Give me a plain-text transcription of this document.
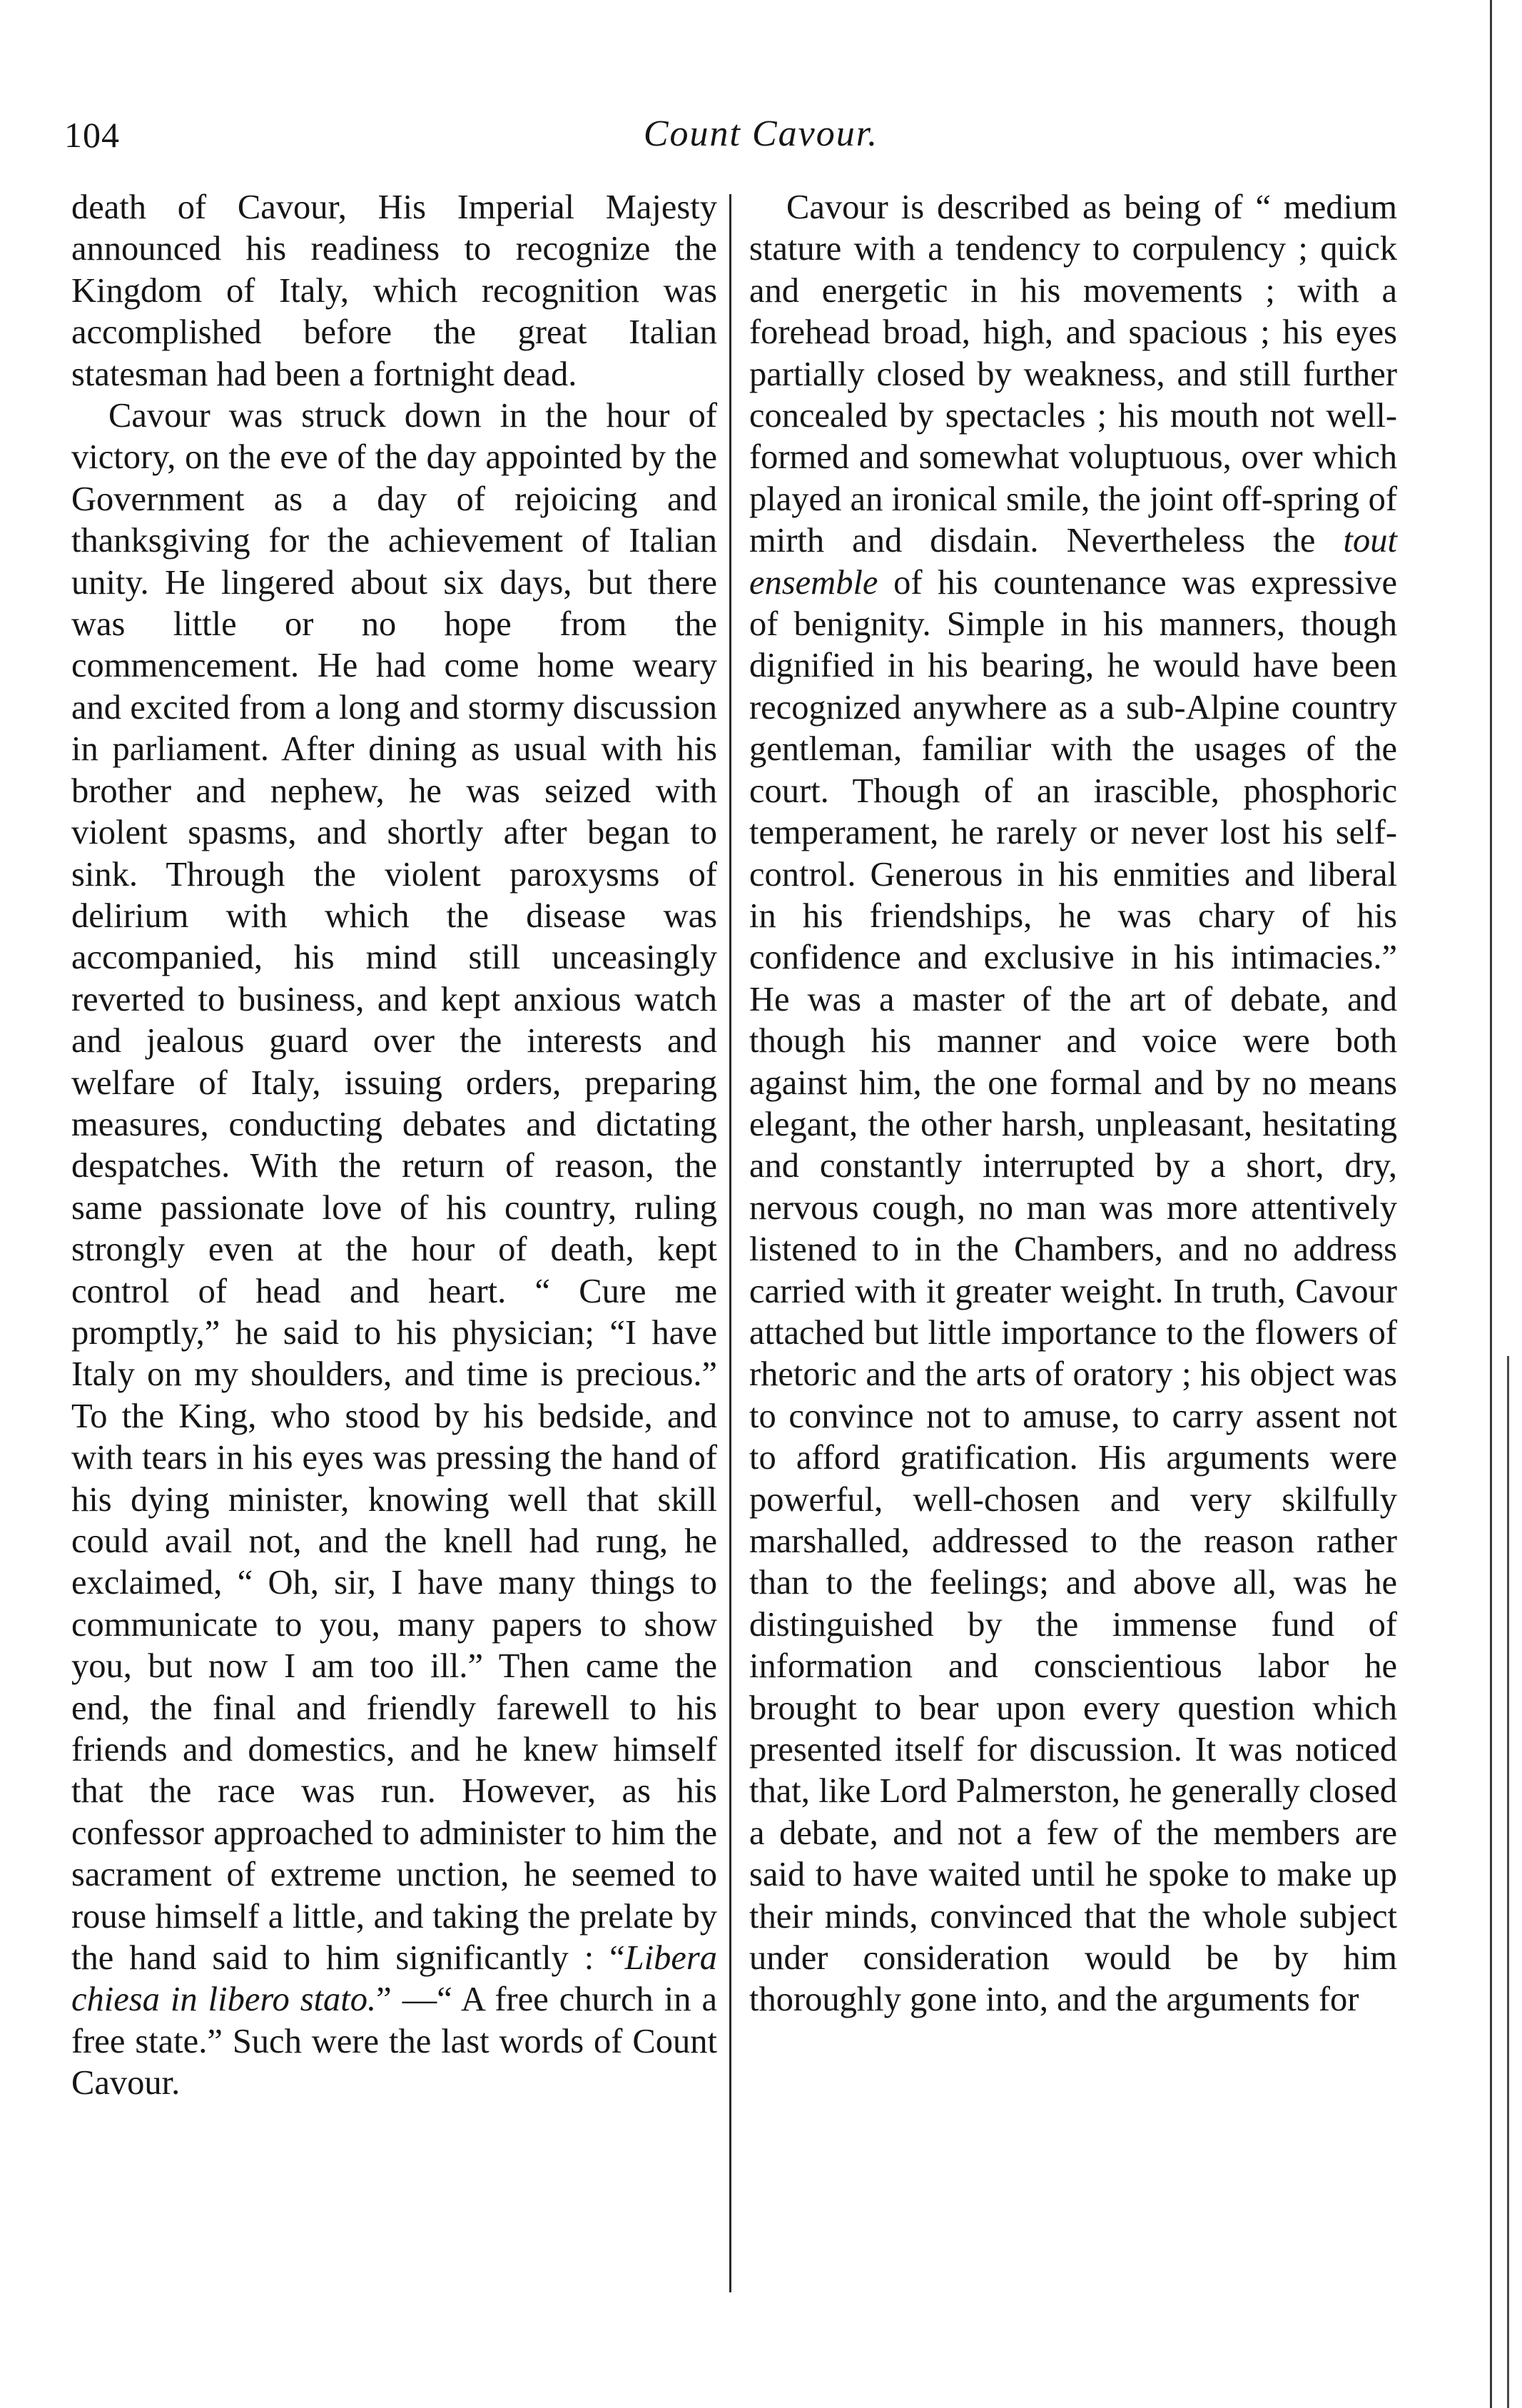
104	Count Cavour.

death of Cavour, His Imperial Majesty announced his readiness to recognize the Kingdom of Italy, which recognition was accomplished before the great Italian statesman had been a fortnight dead.

Cavour was struck down in the hour of victory, on the eve of the day appointed by the Government as a day of rejoicing and thanksgiving for the achievement of Italian unity. He lingered about six days, but there was little or no hope from the commencement. He had come home weary and excited from a long and stormy discussion in parliament. After dining as usual with his brother and nephew, he was seized with violent spasms, and shortly after began to sink. Through the violent paroxysms of delirium with which the disease was accompanied, his mind still unceasingly reverted to business, and kept anxious watch and jealous guard over the interests and welfare of Italy, issuing orders, preparing measures, conducting debates and dictating despatches. With the return of reason, the same passionate love of his country, ruling strongly even at the hour of death, kept control of head and heart. “ Cure me promptly,” he said to his physician; “I have Italy on my shoulders, and time is precious.” To the King, who stood by his bedside, and with tears in his eyes was pressing the hand of his dying minister, knowing well that skill could avail not, and the knell had rung, he exclaimed, “ Oh, sir, I have many things to communicate to you, many papers to show you, but now I am too ill.” Then came the end, the final and friendly farewell to his friends and domestics, and he knew himself that the race was run. However, as his confessor approached to administer to him the sacrament of extreme unction, he seemed to rouse himself a little, and taking the prelate by the hand said to him significantly : “Libera chiesa in libero stato.” —“ A free church in a free state.” Such were the last words of Count Cavour.

Cavour is described as being of “ medium stature with a tendency to corpulency ; quick and energetic in his movements ; with a forehead broad, high, and spacious ; his eyes partially closed by weakness, and still further concealed by spectacles ; his mouth not well-formed and somewhat voluptuous, over which played an ironical smile, the joint off-spring of mirth and disdain. Nevertheless the tout ensemble of his countenance was expressive of benignity. Simple in his manners, though dignified in his bearing, he would have been recognized anywhere as a sub-Alpine country gentleman, familiar with the usages of the court. Though of an irascible, phosphoric temperament, he rarely or never lost his self-control. Generous in his enmities and liberal in his friendships, he was chary of his confidence and exclusive in his intimacies.” He was a master of the art of debate, and though his manner and voice were both against him, the one formal and by no means elegant, the other harsh, unpleasant, hesitating and constantly interrupted by a short, dry, nervous cough, no man was more attentively listened to in the Chambers, and no address carried with it greater weight. In truth, Cavour attached but little importance to the flowers of rhetoric and the arts of oratory ; his object was to convince not to amuse, to carry assent not to afford gratification. His arguments were powerful, well-chosen and very skilfully marshalled, addressed to the reason rather than to the feelings; and above all, was he distinguished by the immense fund of information and conscientious labor he brought to bear upon every question which presented itself for discussion. It was noticed that, like Lord Palmerston, he generally closed a debate, and not a few of the members are said to have waited until he spoke to make up their minds, convinced that the whole subject under consideration would be by him thoroughly gone into, and the arguments for
